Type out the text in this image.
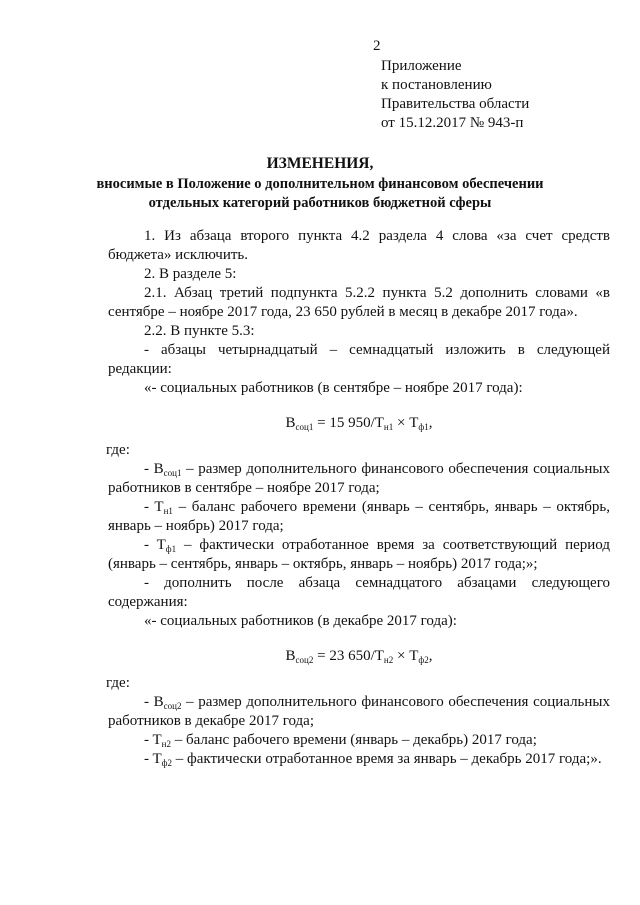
2
Приложение
к постановлению
Правительства области
от 15.12.2017 № 943-п
ИЗМЕНЕНИЯ,
вносимые в Положение о дополнительном финансовом обеспечении
отдельных категорий работников бюджетной сферы

1. Из абзаца второго пункта 4.2 раздела 4 слова «за счет средств бюджета» исключить.

2. В разделе 5:

2.1. Абзац третий подпункта 5.2.2 пункта 5.2 дополнить словами «в сентябре – ноябре 2017 года, 23 650 рублей в месяц в декабре 2017 года».

2.2. В пункте 5.3:

- абзацы четырнадцатый – семнадцатый изложить в следующей редакции:

«- социальных работников (в сентябре – ноябре 2017 года):

$B_{соц1} = 15$ $950/T_{н1} \times T_{ф1}$,

где:

- $B_{соц1}$ – размер дополнительного финансового обеспечения социальных работников в сентябре – ноябре 2017 года;

- $T_{н1}$ – баланс рабочего времени (январь – сентябрь, январь – октябрь, январь – ноябрь) 2017 года;

- $T_{ф1}$ – фактически отработанное время за соответствующий период (январь – сентябрь, январь – октябрь, январь – ноябрь) 2017 года;»;

- дополнить после абзаца семнадцатого абзацами следующего содержания:

«- социальных работников (в декабре 2017 года):

$B_{соц2} = 23$ $650/T_{н2} \times T_{ф2}$,

где:

- $B_{соц2}$ – размер дополнительного финансового обеспечения социальных работников в декабре 2017 года;

- $T_{н2}$ – баланс рабочего времени (январь – декабрь) 2017 года;

- $T_{ф2}$ – фактически отработанное время за январь – декабрь 2017 года;».
